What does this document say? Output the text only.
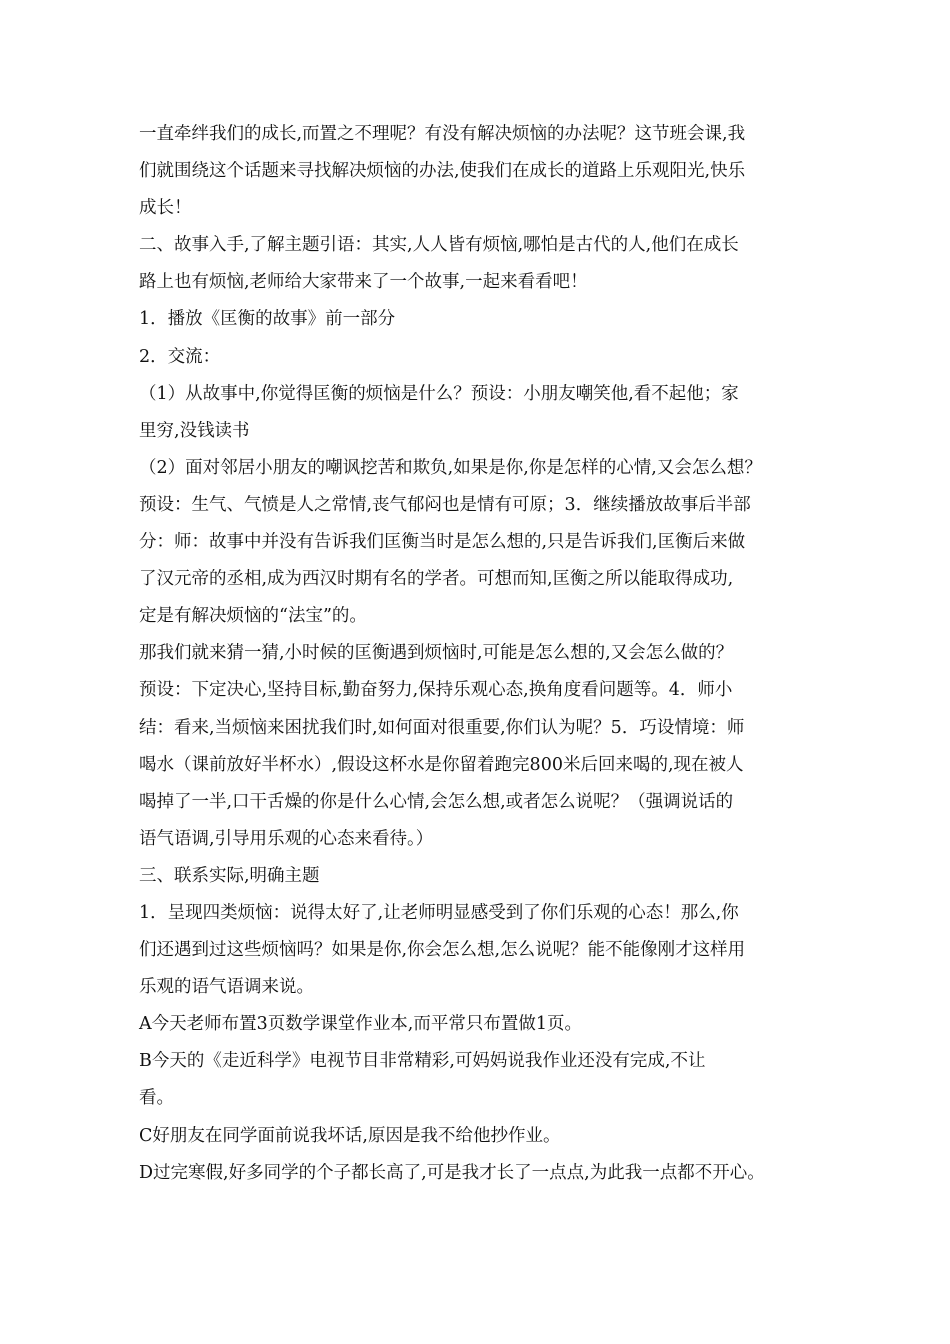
一直牵绊我们的成长,而置之不理呢？有没有解决烦恼的办法呢？这节班会课,我
们就围绕这个话题来寻找解决烦恼的办法,使我们在成长的道路上乐观阳光,快乐
成长！
二、故事入手,了解主题引语：其实,人人皆有烦恼,哪怕是古代的人,他们在成长
路上也有烦恼,老师给大家带来了一个故事,一起来看看吧！
1．播放《匡衡的故事》前一部分
2．交流：
（1）从故事中,你觉得匡衡的烦恼是什么？预设：小朋友嘲笑他,看不起他；家
里穷,没钱读书
（2）面对邻居小朋友的嘲讽挖苦和欺负,如果是你,你是怎样的心情,又会怎么想？
预设：生气、气愤是人之常情,丧气郁闷也是情有可原；3．继续播放故事后半部
分：师：故事中并没有告诉我们匡衡当时是怎么想的,只是告诉我们,匡衡后来做
了汉元帝的丞相,成为西汉时期有名的学者。可想而知,匡衡之所以能取得成功,
定是有解决烦恼的“法宝”的。
那我们就来猜一猜,小时候的匡衡遇到烦恼时,可能是怎么想的,又会怎么做的？
预设：下定决心,坚持目标,勤奋努力,保持乐观心态,换角度看问题等。4．师小
结：看来,当烦恼来困扰我们时,如何面对很重要,你们认为呢？5．巧设情境：师
喝水（课前放好半杯水）,假设这杯水是你留着跑完800米后回来喝的,现在被人
喝掉了一半,口干舌燥的你是什么心情,会怎么想,或者怎么说呢？（强调说话的
语气语调,引导用乐观的心态来看待。）
三、联系实际,明确主题
1．呈现四类烦恼：说得太好了,让老师明显感受到了你们乐观的心态！那么,你
们还遇到过这些烦恼吗？如果是你,你会怎么想,怎么说呢？能不能像刚才这样用
乐观的语气语调来说。
A今天老师布置3页数学课堂作业本,而平常只布置做1页。
B今天的《走近科学》电视节目非常精彩,可妈妈说我作业还没有完成,不让
看。
C好朋友在同学面前说我坏话,原因是我不给他抄作业。
D过完寒假,好多同学的个子都长高了,可是我才长了一点点,为此我一点都不开心。
